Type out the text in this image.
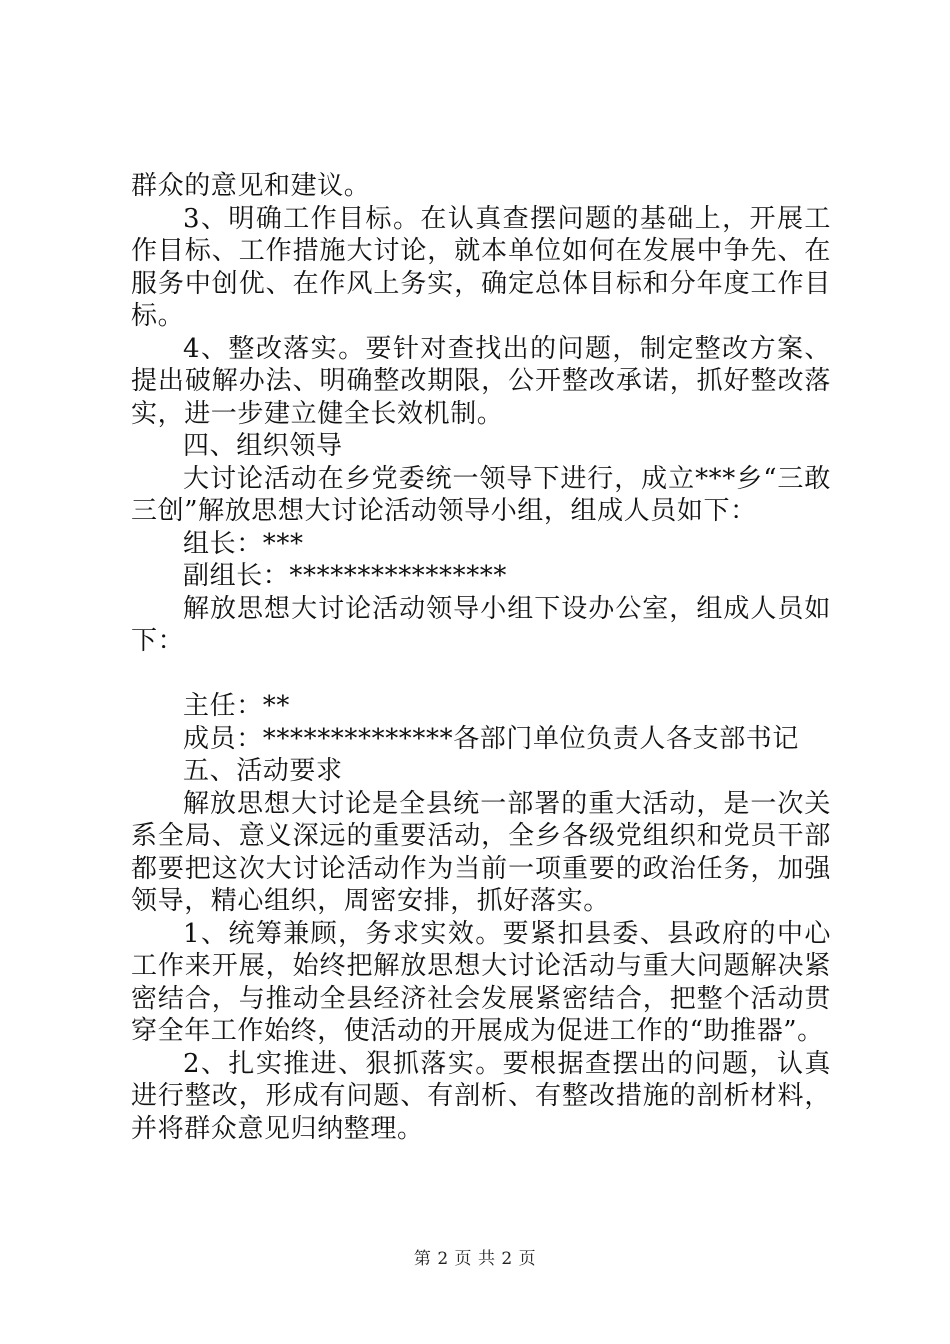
群众的意见和建议。

3、明确工作目标。在认真查摆问题的基础上，开展工作目标、工作措施大讨论，就本单位如何在发展中争先、在服务中创优、在作风上务实，确定总体目标和分年度工作目标。

4、整改落实。要针对查找出的问题，制定整改方案、提出破解办法、明确整改期限，公开整改承诺，抓好整改落实，进一步建立健全长效机制。

四、组织领导

大讨论活动在乡党委统一领导下进行，成立***乡“三敢三创”解放思想大讨论活动领导小组，组成人员如下：

组长：***

副组长：****************

解放思想大讨论活动领导小组下设办公室，组成人员如下：

主任：**

成员：**************各部门单位负责人各支部书记

五、活动要求

解放思想大讨论是全县统一部署的重大活动，是一次关系全局、意义深远的重要活动，全乡各级党组织和党员干部都要把这次大讨论活动作为当前一项重要的政治任务，加强领导，精心组织，周密安排，抓好落实。

1、统筹兼顾，务求实效。要紧扣县委、县政府的中心工作来开展，始终把解放思想大讨论活动与重大问题解决紧密结合，与推动全县经济社会发展紧密结合，把整个活动贯穿全年工作始终，使活动的开展成为促进工作的“助推器”。

2、扎实推进、狠抓落实。要根据查摆出的问题，认真进行整改，形成有问题、有剖析、有整改措施的剖析材料，并将群众意见归纳整理。

第 2 页 共 2 页
